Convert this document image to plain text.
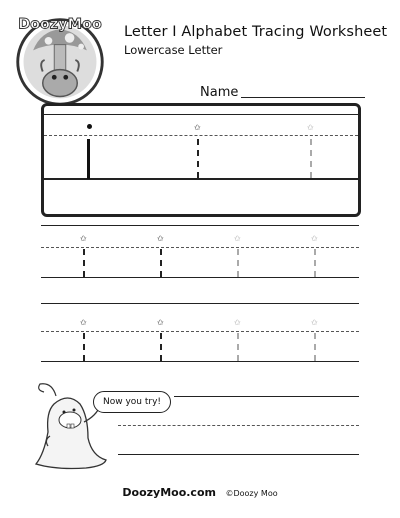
DoozyMoo Letter I Alphabet Tracing Worksheet
Lowercase Letter
Name
✩	✩
✩	✩	✩	✩
✩	✩	✩	✩
Now you try!
DoozyMoo.com ©Doozy Moo
